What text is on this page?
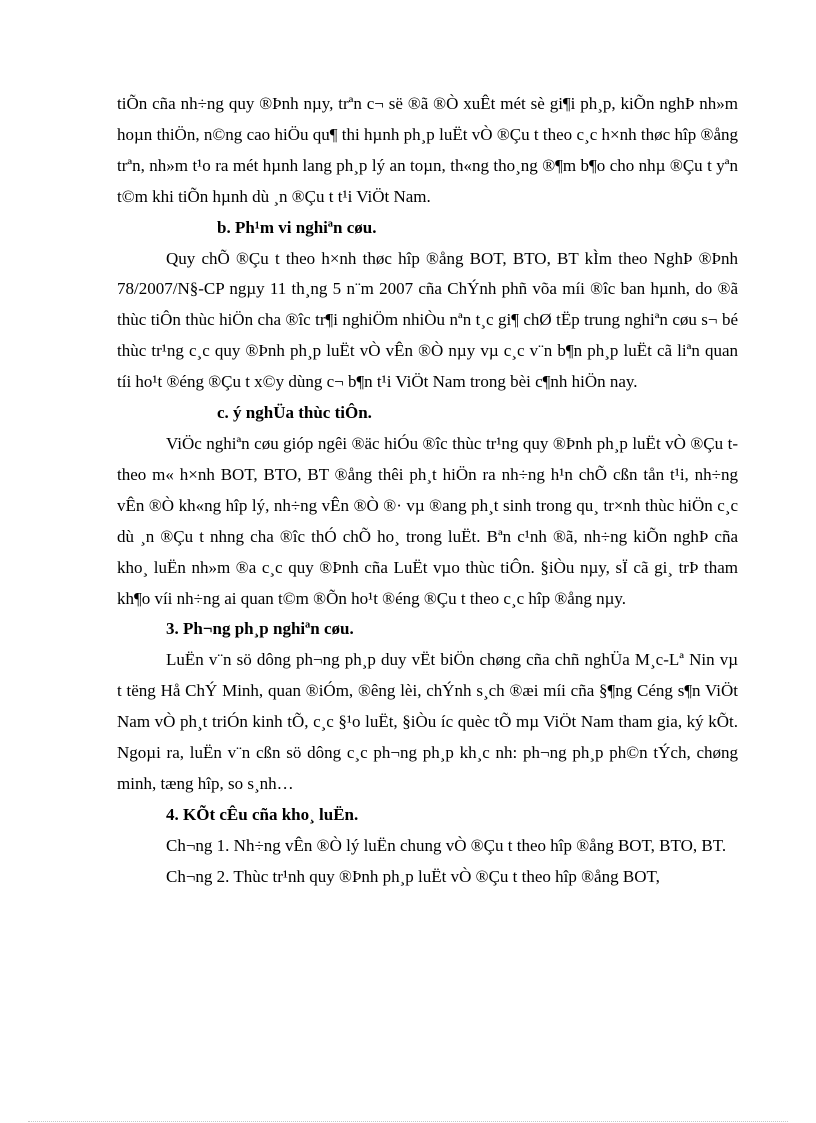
tiÕn cña nh÷ng quy ®Þnh nµy, trªn c¬ së ®ã ®Ò xuÊt mét sè gi¶i ph¸p, kiÕn nghÞ nh»m hoµn thiÖn, n©ng cao hiÖu qu¶ thi hµnh ph¸p luËt vÒ ®Çu t theo c¸c h×nh thøc hîp ®ång trªn, nh»m t¹o ra mét hµnh lang ph¸p lý an toµn, th«ng tho¸ng ®¶m b¶o cho nhµ ®Çu t yªn t©m khi tiÕn hµnh dù ¸n ®Çu t t¹i ViÖt Nam.

b. Ph¹m vi nghiªn cøu.

Quy chÕ ®Çu t theo h×nh thøc hîp ®ång BOT, BTO, BT kÌm theo NghÞ ®Þnh 78/2007/N§-CP ngµy 11 th¸ng 5 n¨m 2007 cña ChÝnh phñ võa míi ®îc ban hµnh, do ®ã thùc tiÔn thùc hiÖn cha ®îc tr¶i nghiÖm nhiÒu nªn t¸c gi¶ chØ tËp trung nghiªn cøu s¬ bé thùc tr¹ng c¸c quy ®Þnh ph¸p luËt vÒ vÊn ®Ò nµy vµ c¸c v¨n b¶n ph¸p luËt cã liªn quan tíi ho¹t ®éng ®Çu t x©y dùng c¬ b¶n t¹i ViÖt Nam trong bèi c¶nh hiÖn nay.

c. ý nghÜa thùc tiÔn.

ViÖc nghiªn cøu gióp ngêi ®äc hiÓu ®îc thùc tr¹ng quy ®Þnh ph¸p luËt vÒ ®Çu t theo m« h×nh BOT, BTO, BT ®ång thêi ph¸t hiÖn ra nh÷ng h¹n chÕ cßn tån t¹i, nh÷ng vÊn ®Ò kh«ng hîp lý, nh÷ng vÊn ®Ò ®· vµ ®ang ph¸t sinh trong qu¸ tr×nh thùc hiÖn c¸c dù ¸n ®Çu t nhng cha ®îc thÓ chÕ ho¸ trong luËt. Bªn c¹nh ®ã, nh÷ng kiÕn nghÞ cña kho¸ luËn nh»m ®a c¸c quy ®Þnh cña LuËt vµo thùc tiÔn. §iÒu nµy, sÏ cã gi¸ trÞ tham kh¶o víi nh÷ng ai quan t©m ®Õn ho¹t ®éng ®Çu t theo c¸c hîp ®ång nµy.

3. Ph¬ng ph¸p nghiªn cøu.

LuËn v¨n sö dông ph¬ng ph¸p duy vËt biÖn chøng cña chñ nghÜa M¸c-Lª Nin vµ t tëng Hå ChÝ Minh, quan ®iÓm, ®êng lèi, chÝnh s¸ch ®æi míi cña §¶ng Céng s¶n ViÖt Nam vÒ ph¸t triÓn kinh tÕ, c¸c §¹o luËt, §iÒu íc quèc tÕ mµ ViÖt Nam tham gia, ký kÕt. Ngoµi ra, luËn v¨n cßn sö dông c¸c ph¬ng ph¸p kh¸c nh: ph¬ng ph¸p ph©n tÝch, chøng minh, tæng hîp, so s¸nh…

4. KÕt cÊu cña kho¸ luËn.

Ch¬ng 1. Nh÷ng vÊn ®Ò lý luËn chung vÒ ®Çu t theo hîp ®ång BOT, BTO, BT.

Ch¬ng 2. Thùc tr¹nh quy ®Þnh ph¸p luËt vÒ ®Çu t theo hîp ®ång BOT,
